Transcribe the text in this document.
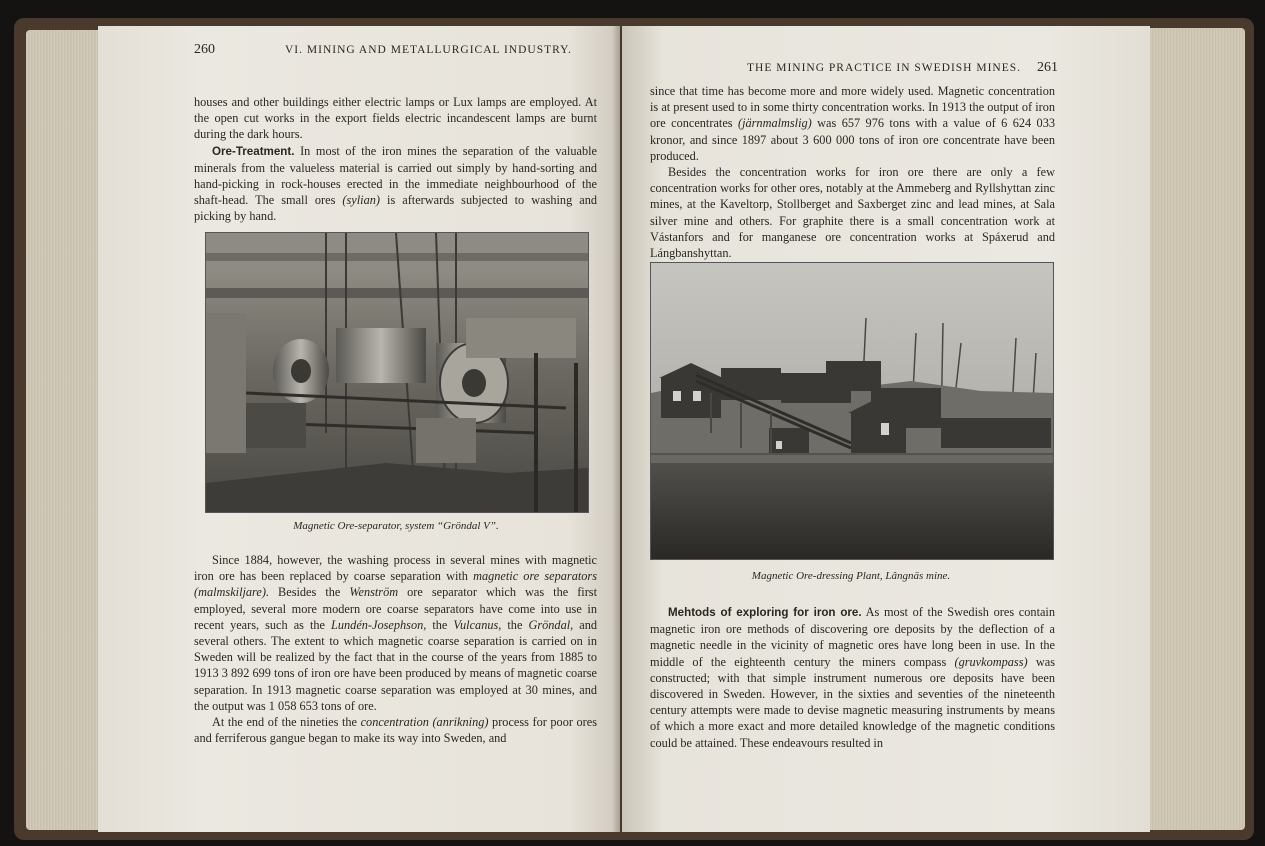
260	VI. MINING AND METALLURGICAL INDUSTRY.

houses and other buildings either electric lamps or Lux lamps are employed. At the open cut works in the export fields electric incandescent lamps are burnt during the dark hours.

Ore-Treatment. In most of the iron mines the separation of the valuable minerals from the valueless material is carried out simply by hand-sorting and hand-picking in rock-houses erected in the immediate neighbourhood of the shaft-head. The small ores (sylian) is afterwards subjected to washing and picking by hand.

Magnetic Ore-separator, system “Gröndal V”.

Since 1884, however, the washing process in several mines with magnetic iron ore has been replaced by coarse separation with magnetic ore separators (malmskiljare). Besides the Wenström ore separator which was the first employed, several more modern ore coarse separators have come into use in recent years, such as the Lundén-Josephson, the Vulcanus, the Gröndal, and several others. The extent to which magnetic coarse separation is carried on in Sweden will be realized by the fact that in the course of the years from 1885 to 1913 3 892 699 tons of iron ore have been produced by means of magnetic coarse separation. In 1913 magnetic coarse separation was employed at 30 mines, and the output was 1 058 653 tons of ore.

At the end of the nineties the concentration (anrikning) process for poor ores and ferriferous gangue began to make its way into Sweden, and

THE MINING PRACTICE IN SWEDISH MINES. 261

since that time has become more and more widely used. Magnetic concentration is at present used to in some thirty concentration works. In 1913 the output of iron ore concentrates (järnmalmslig) was 657 976 tons with a value of 6 624 033 kronor, and since 1897 about 3 600 000 tons of iron ore concentrate have been produced.

Besides the concentration works for iron ore there are only a few concentration works for other ores, notably at the Ammeberg and Ryllshyttan zinc mines, at the Kaveltorp, Stollberget and Saxberget zinc and lead mines, at Sala silver mine and others. For graphite there is a small concentration work at Vástanfors and for manganese ore concentration works at Spáxerud and Lángbanshyttan.

Magnetic Ore-dressing Plant, Lângnäs mine.

Mehtods of exploring for iron ore. As most of the Swedish ores contain magnetic iron ore methods of discovering ore deposits by the deflection of a magnetic needle in the vicinity of magnetic ores have long been in use. In the middle of the eighteenth century the miners compass (gruvkompass) was constructed; with that simple instrument numerous ore deposits have been discovered in Sweden. However, in the sixties and seventies of the nineteenth century attempts were made to devise magnetic measuring instruments by means of which a more exact and more detailed knowledge of the magnetic conditions could be attained. These endeavours resulted in
